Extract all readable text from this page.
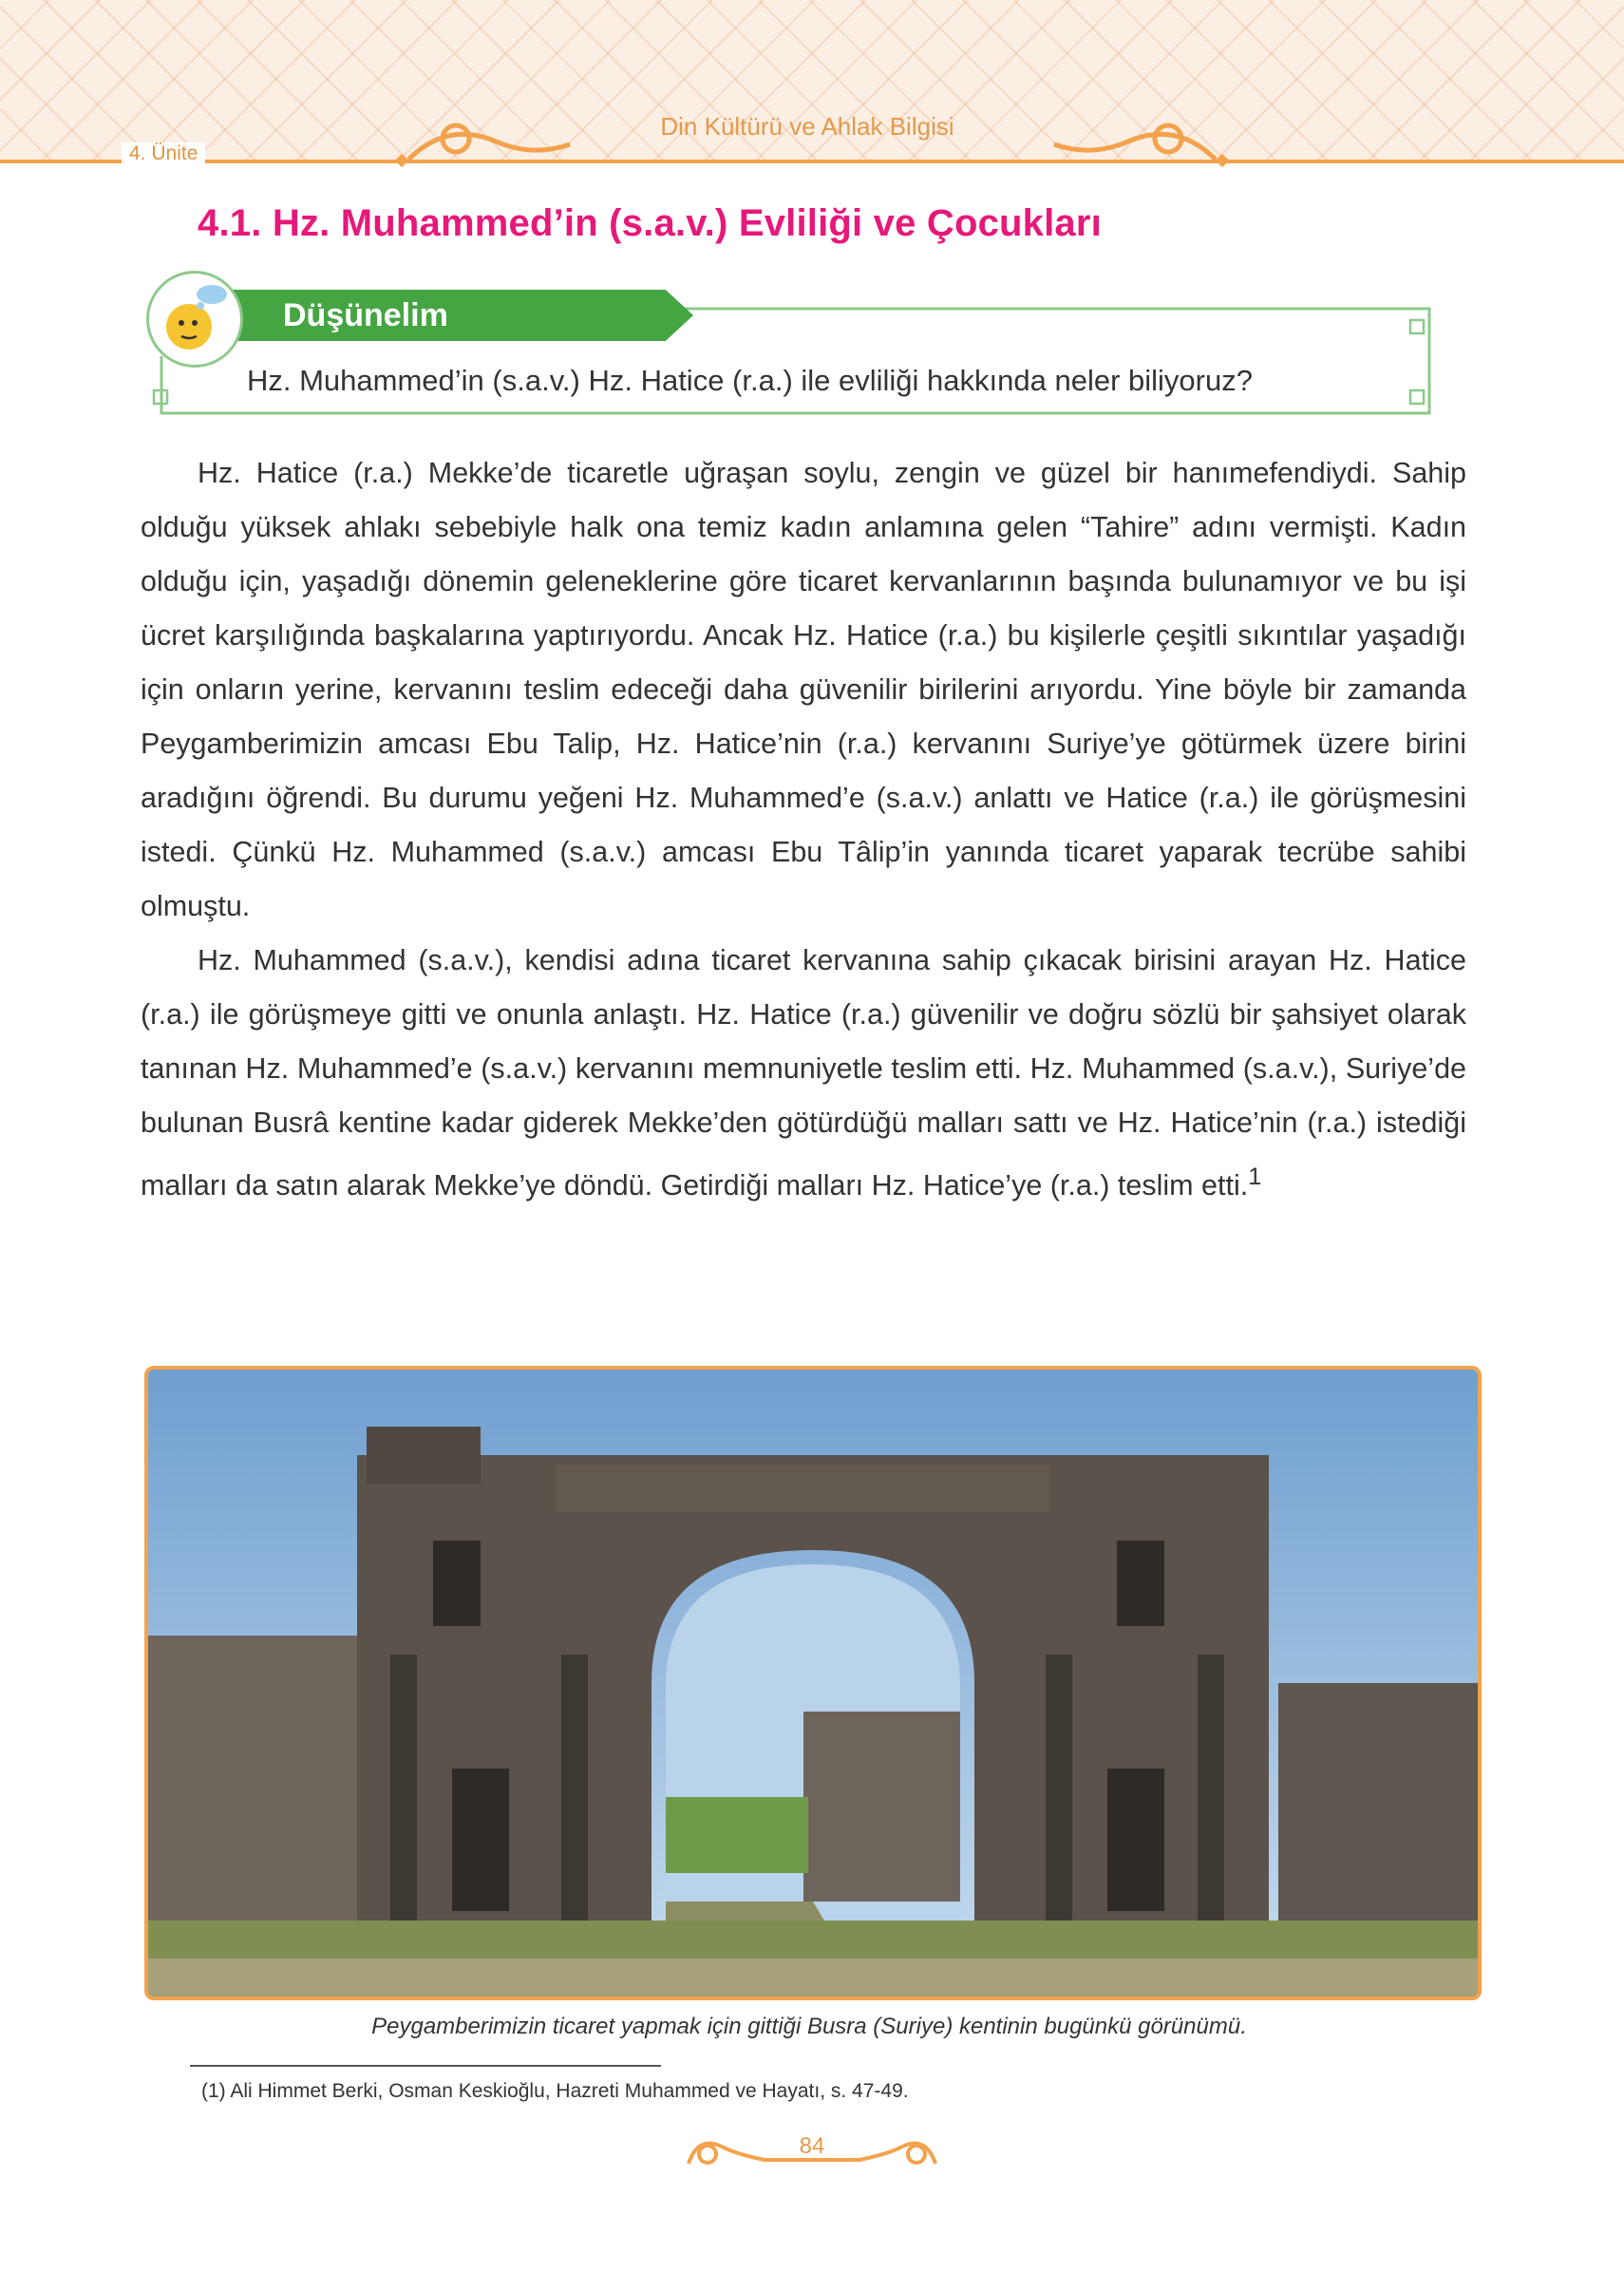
4. Ünite
Din Kültürü ve Ahlak Bilgisi
4.1. Hz. Muhammed’in (s.a.v.) Evliliği ve Çocukları
Düşünelim
Hz. Muhammed’in (s.a.v.) Hz. Hatice (r.a.) ile evliliği hakkında neler biliyoruz?

Hz. Hatice (r.a.) Mekke’de ticaretle uğraşan soylu, zengin ve güzel bir hanımefendiydi. Sahip olduğu yüksek ahlakı sebebiyle halk ona temiz kadın anlamına gelen “Tahire” adını vermişti. Kadın olduğu için, yaşadığı dönemin geleneklerine göre ticaret kervanlarının başında bulunamıyor ve bu işi ücret karşılığında başkalarına yaptırıyordu. Ancak Hz. Hatice (r.a.) bu kişilerle çeşitli sıkıntılar yaşadığı için onların yerine, kervanını teslim edeceği daha güvenilir birilerini arıyordu. Yine böyle bir zamanda Peygamberimizin amcası Ebu Talip, Hz. Hatice’nin (r.a.) kervanını Suriye’ye götürmek üzere birini aradığını öğrendi. Bu durumu yeğeni Hz. Muhammed’e (s.a.v.) anlattı ve Hatice (r.a.) ile görüşmesini istedi. Çünkü Hz. Muhammed (s.a.v.) amcası Ebu Tâlip’in yanında ticaret yaparak tecrübe sahibi olmuştu.

Hz. Muhammed (s.a.v.), kendisi adına ticaret kervanına sahip çıkacak birisini arayan Hz. Hatice (r.a.) ile görüşmeye gitti ve onunla anlaştı. Hz. Hatice (r.a.) güvenilir ve doğru sözlü bir şahsiyet olarak tanınan Hz. Muhammed’e (s.a.v.) kervanını memnuniyetle teslim etti. Hz. Muhammed (s.a.v.), Suriye’de bulunan Busrâ kentine kadar giderek Mekke’den götürdüğü malları sattı ve Hz. Hatice’nin (r.a.) istediği malları da satın alarak Mekke’ye döndü. Getirdiği malları Hz. Hatice’ye (r.a.) teslim etti.$^1$

Peygamberimizin ticaret yapmak için gittiği Busra (Suriye) kentinin bugünkü görünümü.
(1) Ali Himmet Berki, Osman Keskioğlu, Hazreti Muhammed ve Hayatı, s. 47-49.
84
